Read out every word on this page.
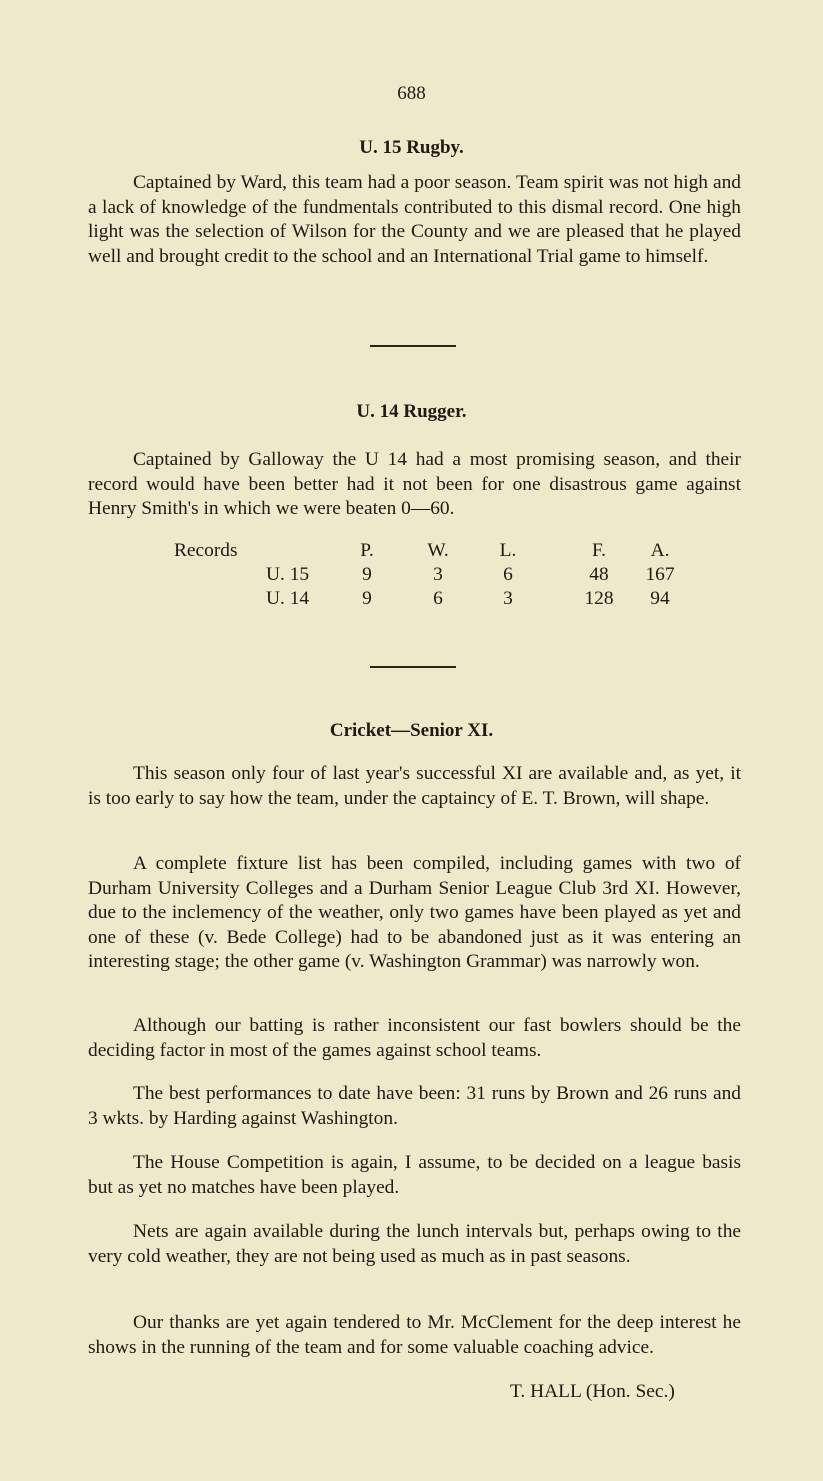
688
U. 15 Rugby.

Captained by Ward, this team had a poor season. Team spirit was not high and a lack of knowledge of the fundmentals contributed to this dismal record. One high light was the selection of Wilson for the County and we are pleased that he played well and brought credit to the school and an International Trial game to himself.

U. 14 Rugger.

Captained by Galloway the U 14 had a most promising season, and their record would have been better had it not been for one disastrous game against Henry Smith's in which we were beaten 0—60.

Records	P.	W.	L.	F.	A.
U. 15	9	3	6	48	167
U. 14	9	6	3	128	94
Cricket—Senior XI.

This season only four of last year's successful XI are available and, as yet, it is too early to say how the team, under the captaincy of E. T. Brown, will shape.

A complete fixture list has been compiled, including games with two of Durham University Colleges and a Durham Senior League Club 3rd XI. However, due to the inclemency of the weather, only two games have been played as yet and one of these (v. Bede College) had to be abandoned just as it was entering an interesting stage; the other game (v. Washington Grammar) was narrowly won.

Although our batting is rather inconsistent our fast bowlers should be the deciding factor in most of the games against school teams.

The best performances to date have been: 31 runs by Brown and 26 runs and 3 wkts. by Harding against Washington.

The House Competition is again, I assume, to be decided on a league basis but as yet no matches have been played.

Nets are again available during the lunch intervals but, perhaps owing to the very cold weather, they are not being used as much as in past seasons.

Our thanks are yet again tendered to Mr. McClement for the deep interest he shows in the running of the team and for some valuable coaching advice.

T. HALL (Hon. Sec.)
